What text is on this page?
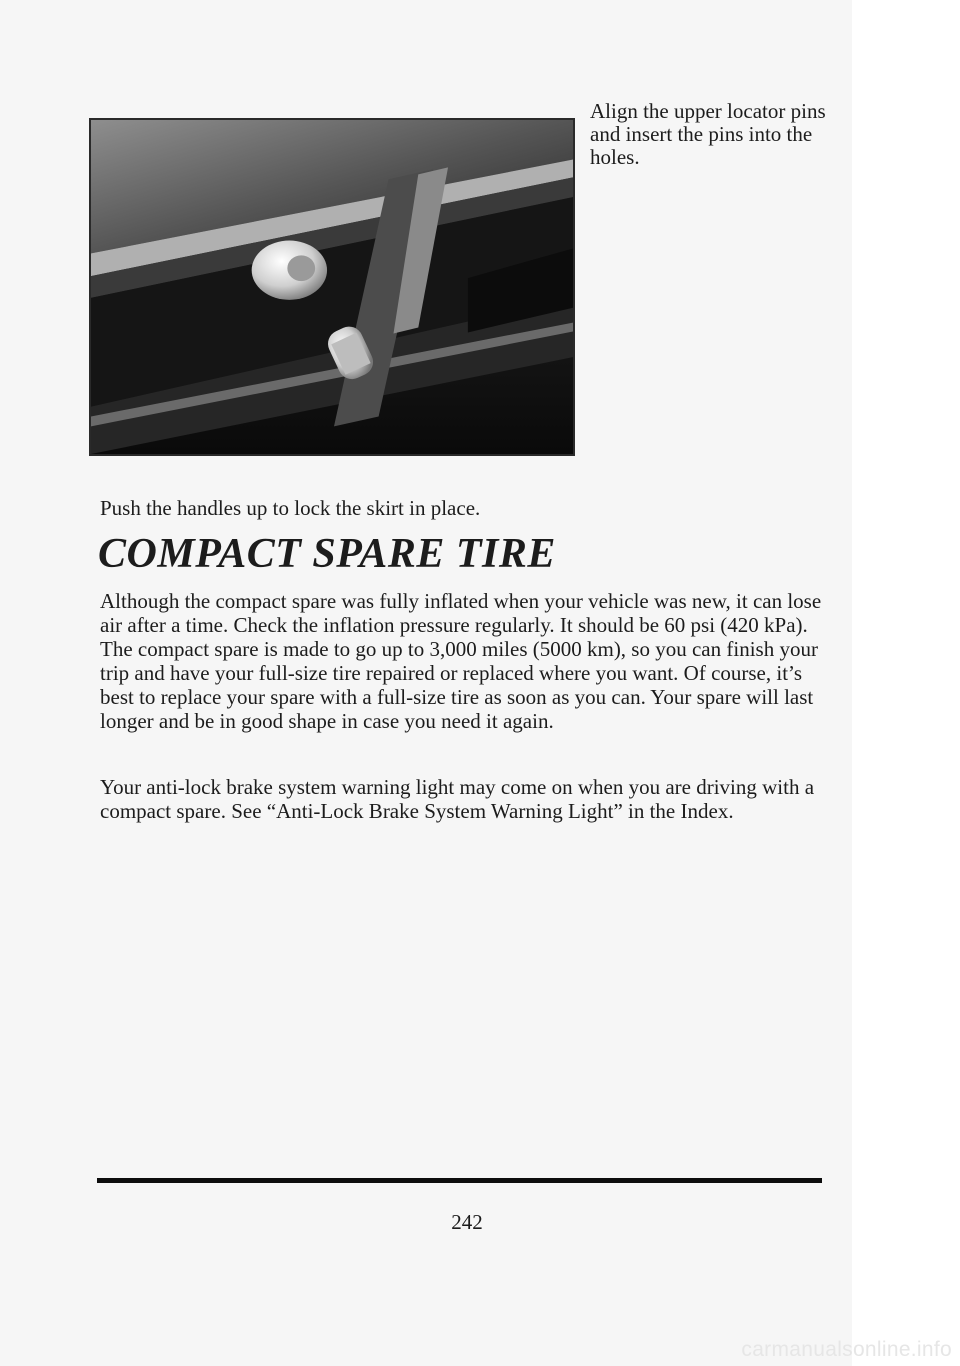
Align the upper locator pins and insert the pins into the holes.
Push the handles up to lock the skirt in place.
COMPACT SPARE TIRE

Although the compact spare was fully inflated when your vehicle was new, it can lose air after a time. Check the inflation pressure regularly. It should be 60 psi (420 kPa). The compact spare is made to go up to 3,000 miles (5000 km), so you can finish your trip and have your full-size tire repaired or replaced where you want. Of course, it’s best to replace your spare with a full-size tire as soon as you can. Your spare will last longer and be in good shape in case you need it again.

Your anti-lock brake system warning light may come on when you are driving with a compact spare. See “Anti-Lock Brake System Warning Light” in the Index.

242
carmanualsonline.info
